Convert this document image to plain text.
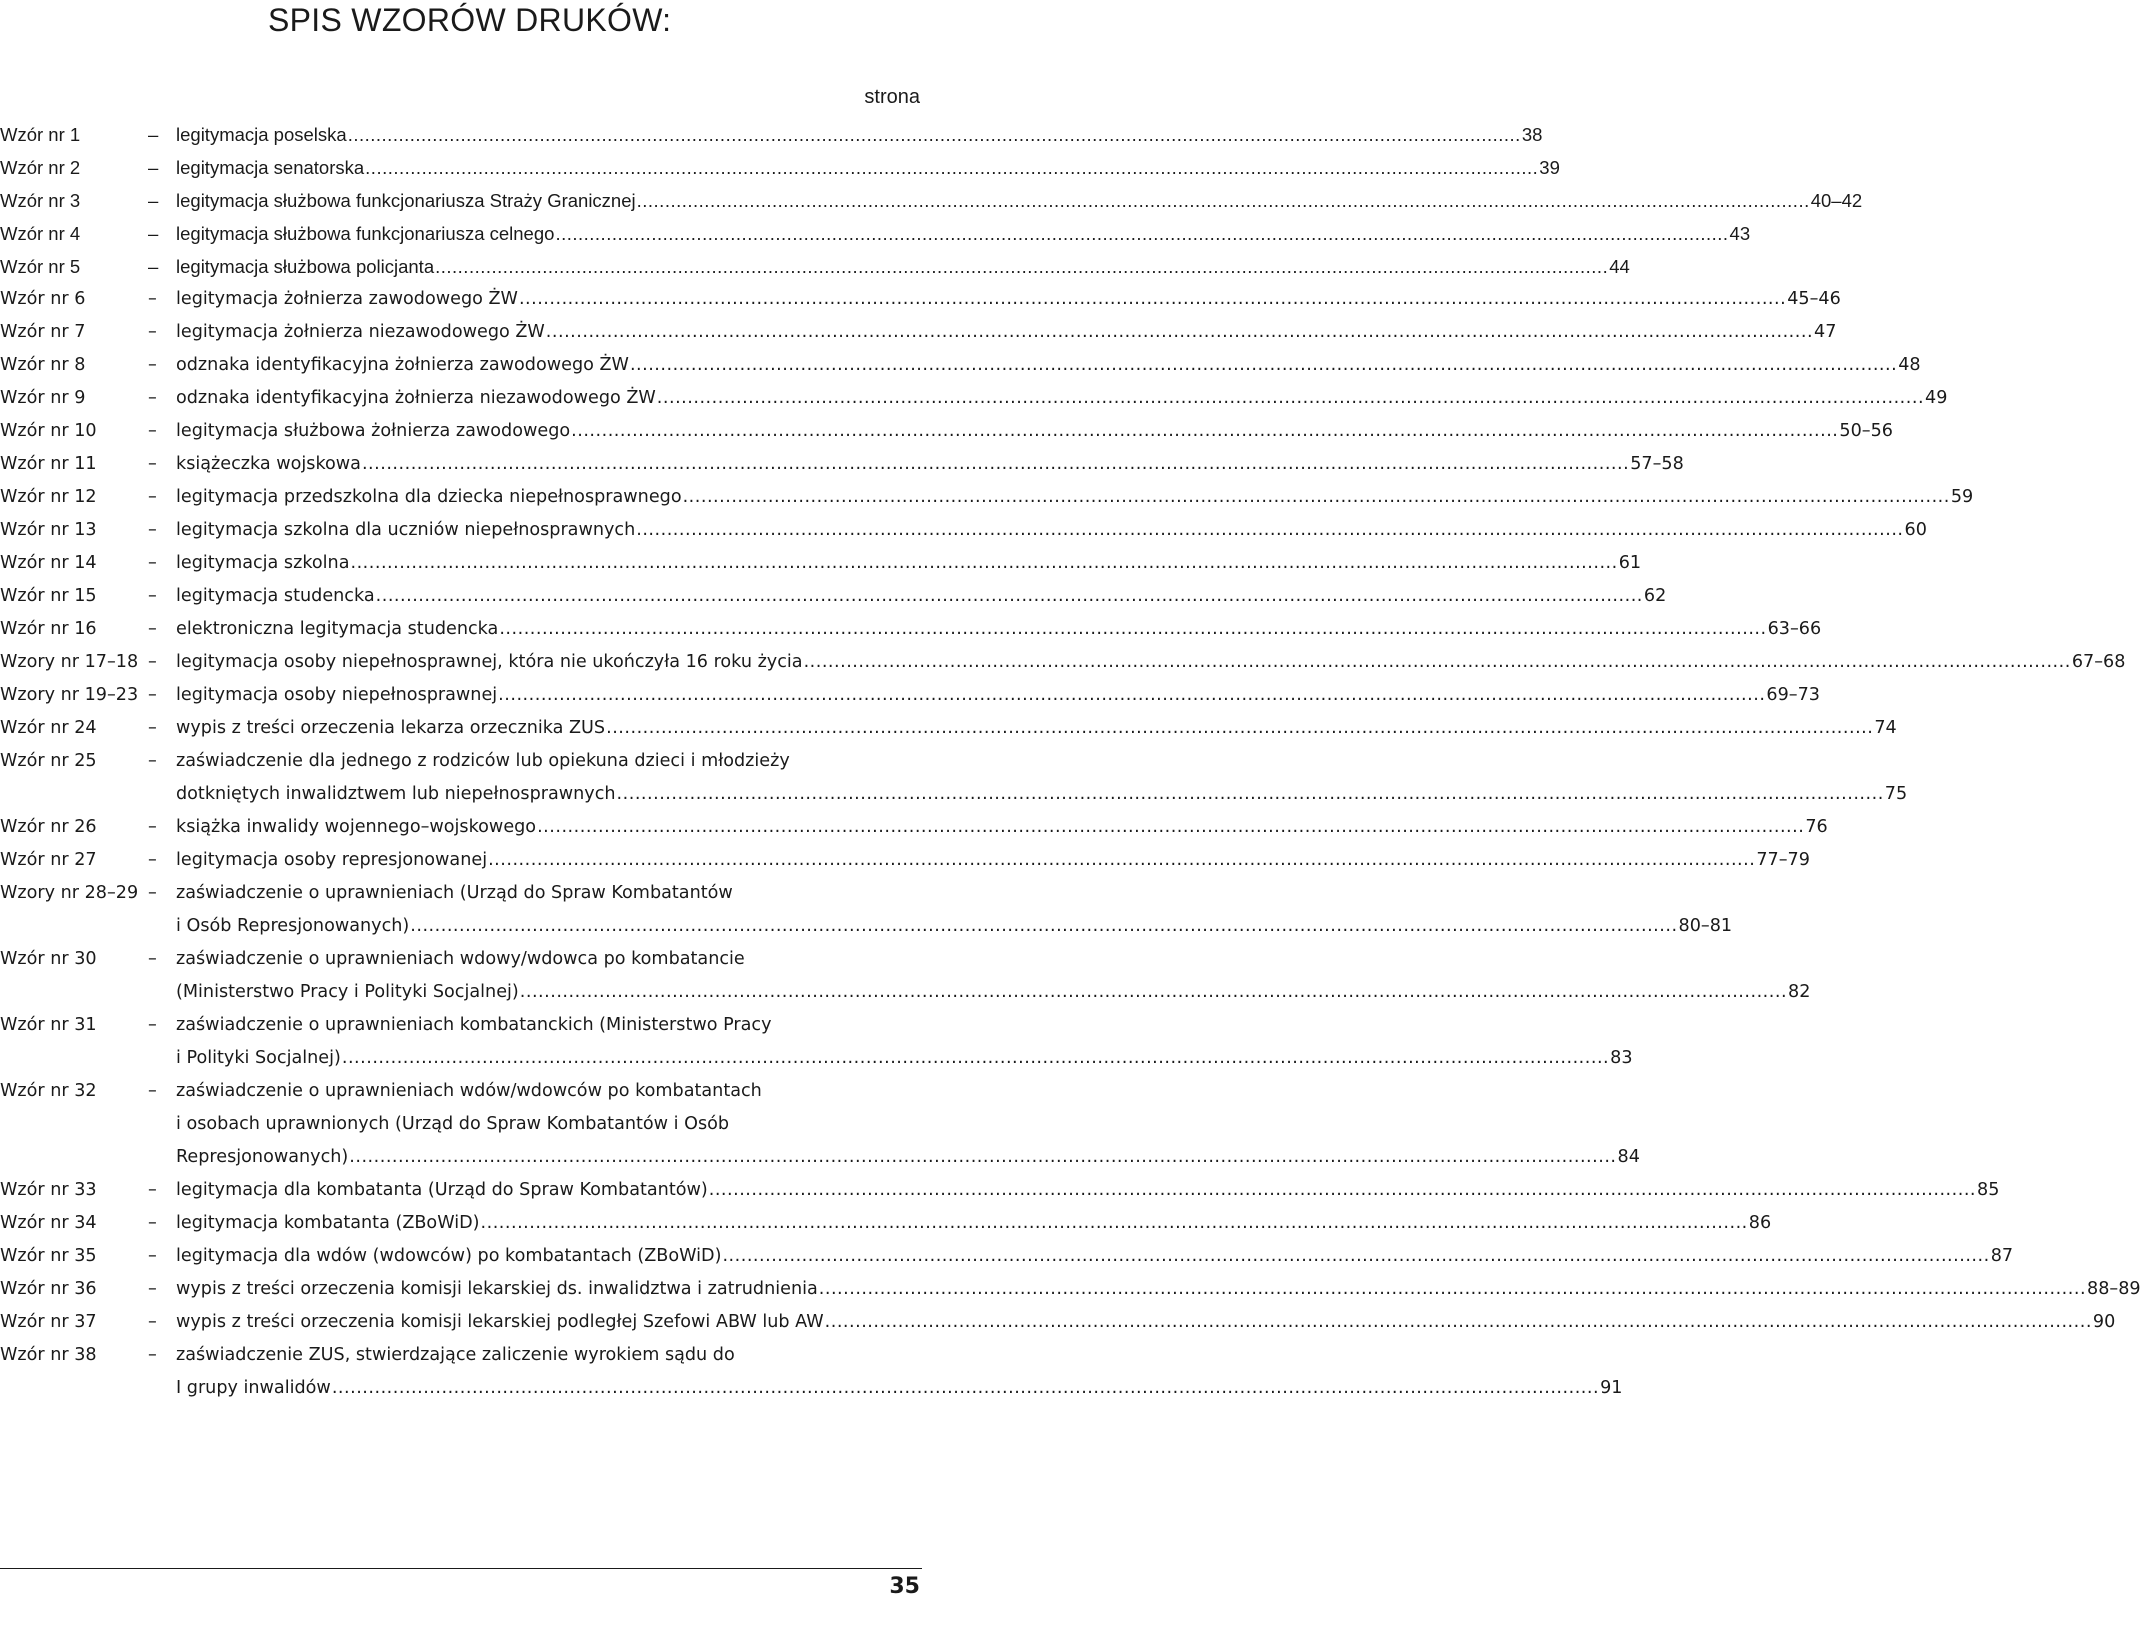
SPIS WZORÓW DRUKÓW:
strona
Wzór nr 1	– legitymacja poselska .....	38
Wzór nr 2	– legitymacja senatorska .....	39
Wzór nr 3	– legitymacja służbowa funkcjonariusza Straży Granicznej .....	40–42
Wzór nr 4	– legitymacja służbowa funkcjonariusza celnego .....	43
Wzór nr 5	– legitymacja służbowa policjanta .....	44
Wzór nr 6	–	legitymacja żołnierza zawodowego ŻW .....	45–46
Wzór nr 7	–	legitymacja żołnierza niezawodowego ŻW .....	47
Wzór nr 8	–	odznaka identyfikacyjna żołnierza zawodowego ŻW .....	48
Wzór nr 9	–	odznaka identyfikacyjna żołnierza niezawodowego ŻW .....	49
Wzór nr 10	–	legitymacja służbowa żołnierza zawodowego .....	50–56
Wzór nr 11	–	książeczka wojskowa .....	57–58
Wzór nr 12	–	legitymacja przedszkolna dla dziecka niepełnosprawnego .....	59
Wzór nr 13	–	legitymacja szkolna dla uczniów niepełnosprawnych .....	60
Wzór nr 14	–	legitymacja szkolna .....	61
Wzór nr 15	–	legitymacja studencka .....	62
Wzór nr 16	–	elektroniczna legitymacja studencka .....	63–66
Wzory nr 17–18 –	legitymacja osoby niepełnosprawnej, która nie ukończyła 16 roku życia .....	67–68
Wzory nr 19–23 –	legitymacja osoby niepełnosprawnej .....	69–73
Wzór nr 24	–	wypis z treści orzeczenia lekarza orzecznika ZUS .....	74
Wzór nr 25	–	zaświadczenie dla jednego z rodziców lub opiekuna dzieci i młodzieży
dotkniętych inwalidztwem lub niepełnosprawnych .....	75
Wzór nr 26	–	książka inwalidy wojennego–wojskowego .....	76
Wzór nr 27	–	legitymacja osoby represjonowanej .....	77–79
Wzory nr 28–29 –	zaświadczenie o uprawnieniach (Urząd do Spraw Kombatantów
i Osób Represjonowanych) .....	80–81
Wzór nr 30	–	zaświadczenie o uprawnieniach wdowy/wdowca po kombatancie
(Ministerstwo Pracy i Polityki Socjalnej) .....	82
Wzór nr 31	–	zaświadczenie o uprawnieniach kombatanckich (Ministerstwo Pracy
i Polityki Socjalnej) .....	83
Wzór nr 32	–	zaświadczenie o uprawnieniach wdów/wdowców po kombatantach
i osobach uprawnionych (Urząd do Spraw Kombatantów i Osób
Represjonowanych) .....	84
Wzór nr 33	–	legitymacja dla kombatanta (Urząd do Spraw Kombatantów) .....	85
Wzór nr 34	–	legitymacja kombatanta (ZBoWiD) .....	86
Wzór nr 35	–	legitymacja dla wdów (wdowców) po kombatantach (ZBoWiD) .....	87
Wzór nr 36	–	wypis z treści orzeczenia komisji lekarskiej ds. inwalidztwa i zatrudnienia .....	88–89
Wzór nr 37	–	wypis z treści orzeczenia komisji lekarskiej podległej Szefowi ABW lub AW .....	90
Wzór nr 38	–	zaświadczenie ZUS, stwierdzające zaliczenie wyrokiem sądu do
I grupy inwalidów .....	91
35
